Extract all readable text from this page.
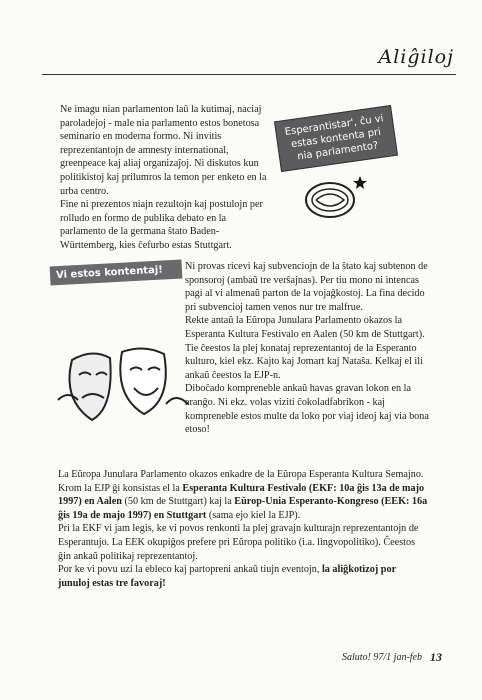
Aliĝiloj

Ne imagu nian parlamenton laŭ la kutimaj, naciaj paroladejoj - male nia parlamento estos bonetosa seminario en moderna formo. Ni invitis reprezentantojn de amnesty international, greenpeace kaj aliaj organizaĵoj. Ni diskutos kun politikistoj kaj prilumros la temon per enketo en la urba centro.

Fine ni prezentos niajn rezultojn kaj postulojn per rolludo en formo de publika debato en la parlamento de la germana ŝtato Baden-Württemberg, kies ĉefurbo estas Stuttgart.

Esperantistar', ĉu vi estas kontenta pri nia parlamento?
Vi estos kontentaj!	Ni provas ricevi kaj subvenciojn de la ŝtato kaj subtenon de sponsoroj (ambaŭ tre verŝajnas). Per tiu mono ni intencas pagi al vi almenaŭ parton de la vojaĝkostoj. La fina decido pri subvencioj tamen venos nur tre malfrue.

Rekte antaŭ la Eŭropa Junulara Parlamento okazos la Esperanta Kultura Festivalo en Aalen (50 km de Stuttgart). Tie ĉeestos la plej konataj reprezentantoj de la Esperanto kulturo, kiel ekz. Kajto kaj Jomart kaj Nataŝa. Kelkaj el ili ankaŭ ĉeestos la EJP-n.

Diboĉado kompreneble ankaŭ havas gravan lokon en la aranĝo. Ni ekz. volas viziti ĉokoladfabrikon - kaj kompreneble estos multe da loko por viaj ideoj kaj via bona etoso!

La Eŭropa Junulara Parlamento okazos enkadre de la Eŭropa Esperanta Kultura Semajno. Krom la EJP ĝi konsistas el la Esperanta Kultura Festivalo (EKF: 10a ĝis 13a de majo 1997) en Aalen (50 km de Stuttgart) kaj la Eŭrop-Unia Esperanto-Kongreso (EEK: 16a ĝis 19a de majo 1997) en Stuttgart (sama ejo kiel la EJP).

Pri la EKF vi jam legis, ke vi povos renkonti la plej gravajn kulturajn reprezentantojn de Esperantujo. La EEK okupiĝos prefere pri Eŭropa politiko (i.a. lingvopolitiko). Ĉeestos ĝin ankaŭ politikaj reprezentantoj.

Por ke vi povu uzi la ebleco kaj partopreni ankaŭ tiujn eventojn, la aliĝkotizoj por junuloj estas tre favoraj!

Saluto! 97/1 jan-feb 13
